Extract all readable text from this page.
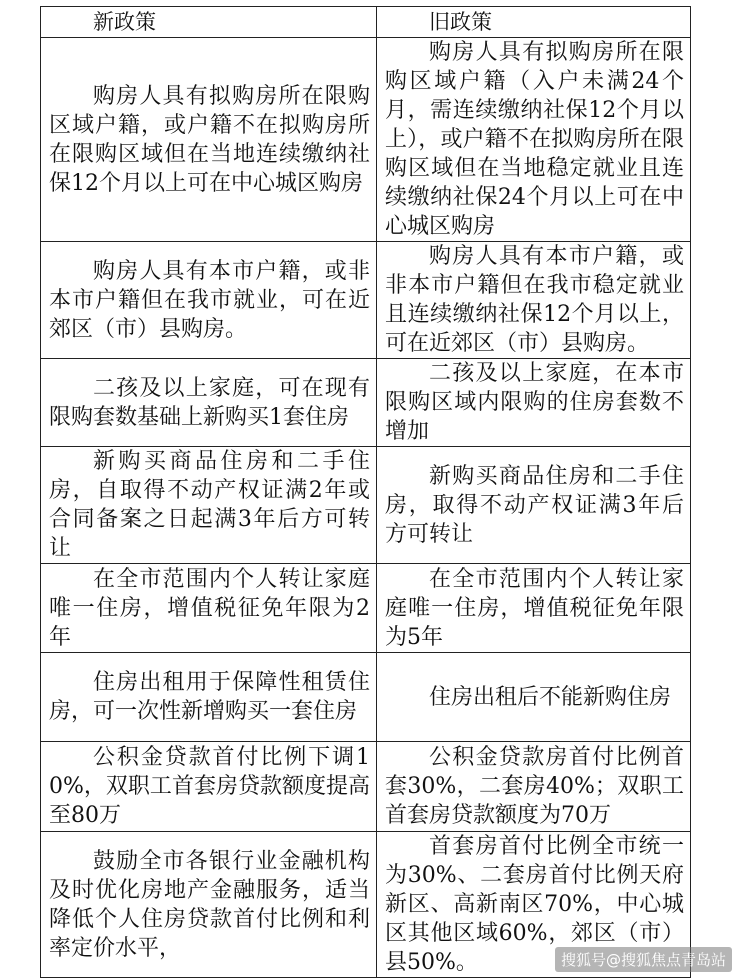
新政策	旧政策

购房人具有拟购房所在限购区域户籍，或户籍不在拟购房所在限购区域但在当地连续缴纳社保12个月以上可在中心城区购房	购房人具有拟购房所在限购区域户籍（入户未满24个月，需连续缴纳社保12个月以上），或户籍不在拟购房所在限购区域但在当地稳定就业且连续缴纳社保24个月以上可在中心城区购房

购房人具有本市户籍，或非本市户籍但在我市就业，可在近郊区（市）县购房。	购房人具有本市户籍，或非本市户籍但在我市稳定就业且连续缴纳社保12个月以上，可在近郊区（市）县购房。

二孩及以上家庭，可在现有限购套数基础上新购买1套住房	二孩及以上家庭，在本市限购区域内限购的住房套数不增加

新购买商品住房和二手住房，自取得不动产权证满2年或合同备案之日起满3年后方可转让	新购买商品住房和二手住房，取得不动产权证满3年后方可转让

在全市范围内个人转让家庭唯一住房，增值税征免年限为2年	在全市范围内个人转让家庭唯一住房，增值税征免年限为5年

住房出租用于保障性租赁住房，可一次性新增购买一套住房	住房出租后不能新购住房

公积金贷款首付比例下调10%，双职工首套房贷款额度提高至80万	公积金贷款房首付比例首套30%，二套房40%；双职工首套房贷款额度为70万

鼓励全市各银行业金融机构及时优化房地产金融服务，适当降低个人住房贷款首付比例和利率定价水平，	首套房首付比例全市统一为30%、二套房首付比例天府新区、高新南区70%，中心城区其他区域60%，郊区（市）县50%。	搜狐号@搜狐焦点青岛站
